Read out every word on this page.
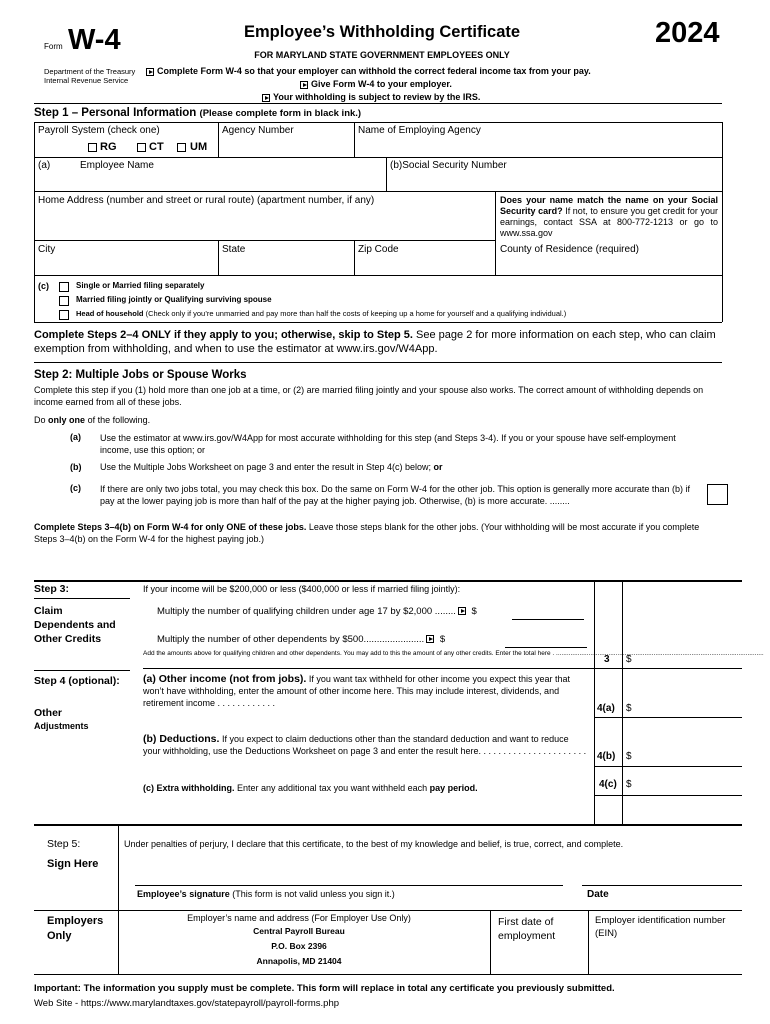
Form W-4
Department of the Treasury
Internal Revenue Service
Employee’s Withholding Certificate
FOR MARYLAND STATE GOVERNMENT EMPLOYEES ONLY
Complete Form W-4 so that your employer can withhold the correct federal income tax from your pay.
Give Form W-4 to your employer.
Your withholding is subject to review by the IRS.
2024
Step 1 – Personal Information (Please complete form in black ink.)
Payroll System (check one)	Agency Number	Name of Employing Agency
RG	CT UM
(a)	Employee Name	(b)Social Security Number
Home Address (number and street or rural route) (apartment number, if any)	Does your name match the name on your Social Security card? If not, to ensure you get credit for your earnings, contact SSA at 800-772-1213 or go to www.ssa.gov
City	State	Zip Code	County of Residence (required)
(c)	Single or Married filing separately
Married filing jointly or Qualifying surviving spouse
Head of household (Check only if you’re unmarried and pay more than half the costs of keeping up a home for yourself and a qualifying individual.)
Complete Steps 2–4 ONLY if they apply to you; otherwise, skip to Step 5. See page 2 for more information on each step, who can claim exemption from withholding, and when to use the estimator at www.irs.gov/W4App.
Step 2: Multiple Jobs or Spouse Works
Complete this step if you (1) hold more than one job at a time, or (2) are married filing jointly and your spouse also works. The correct amount of withholding depends on income earned from all of these jobs.
Do only one of the following.
(a) Use the estimator at www.irs.gov/W4App for most accurate withholding for this step (and Steps 3-4). If you or your spouse have self-employment income, use this option; or
(b) Use the Multiple Jobs Worksheet on page 3 and enter the result in Step 4(c) below; or
(c) If there are only two jobs total, you may check this box. Do the same on Form W-4 for the other job. This option is generally more accurate than (b) if pay at the lower paying job is more than half of the pay at the higher paying job. Otherwise, (b) is more accurate. ........
Complete Steps 3–4(b) on Form W-4 for only ONE of these jobs. Leave those steps blank for the other jobs. (Your withholding will be most accurate if you complete Steps 3–4(b) on the Form W-4 for the highest paying job.)
Step 3:
Claim Dependents and Other Credits
If your income will be $200,000 or less ($400,000 or less if married filing jointly):
Multiply the number of qualifying children under age 17 by $2,000 ........ $
Multiply the number of other dependents by $500....................... $
Add the amounts above for qualifying children and other dependents. You may add to this the amount of any other credits. Enter the total here . ...................................................................................................................
3 $
Step 4 (optional):
Other
Adjustments
(a) Other income (not from jobs). If you want tax withheld for other income you expect this year that won’t have withholding, enter the amount of other income here. This may include interest, dividends, and retirement income . . . . . . . . . . . .	4(a) $
(b) Deductions. If you expect to claim deductions other than the standard deduction and want to reduce your withholding, use the Deductions Worksheet on page 3 and enter the result here. . . . . . . . . . . . . . . . . . . . . . 4(b) $
(c) Extra withholding. Enter any additional tax you want withheld each pay period.	4(c) $
Step 5:
Sign Here
Under penalties of perjury, I declare that this certificate, to the best of my knowledge and belief, is true, correct, and complete.
Employee’s signature (This form is not valid unless you sign it.)	Date
Employers Only
Employer’s name and address (For Employer Use Only)
Central Payroll Bureau
P.O. Box 2396
Annapolis, MD 21404
First date of employment
Employer identification number (EIN)
Important: The information you supply must be complete. This form will replace in total any certificate you previously submitted. Web Site - https://www.marylandtaxes.gov/statepayroll/payroll-forms.php
